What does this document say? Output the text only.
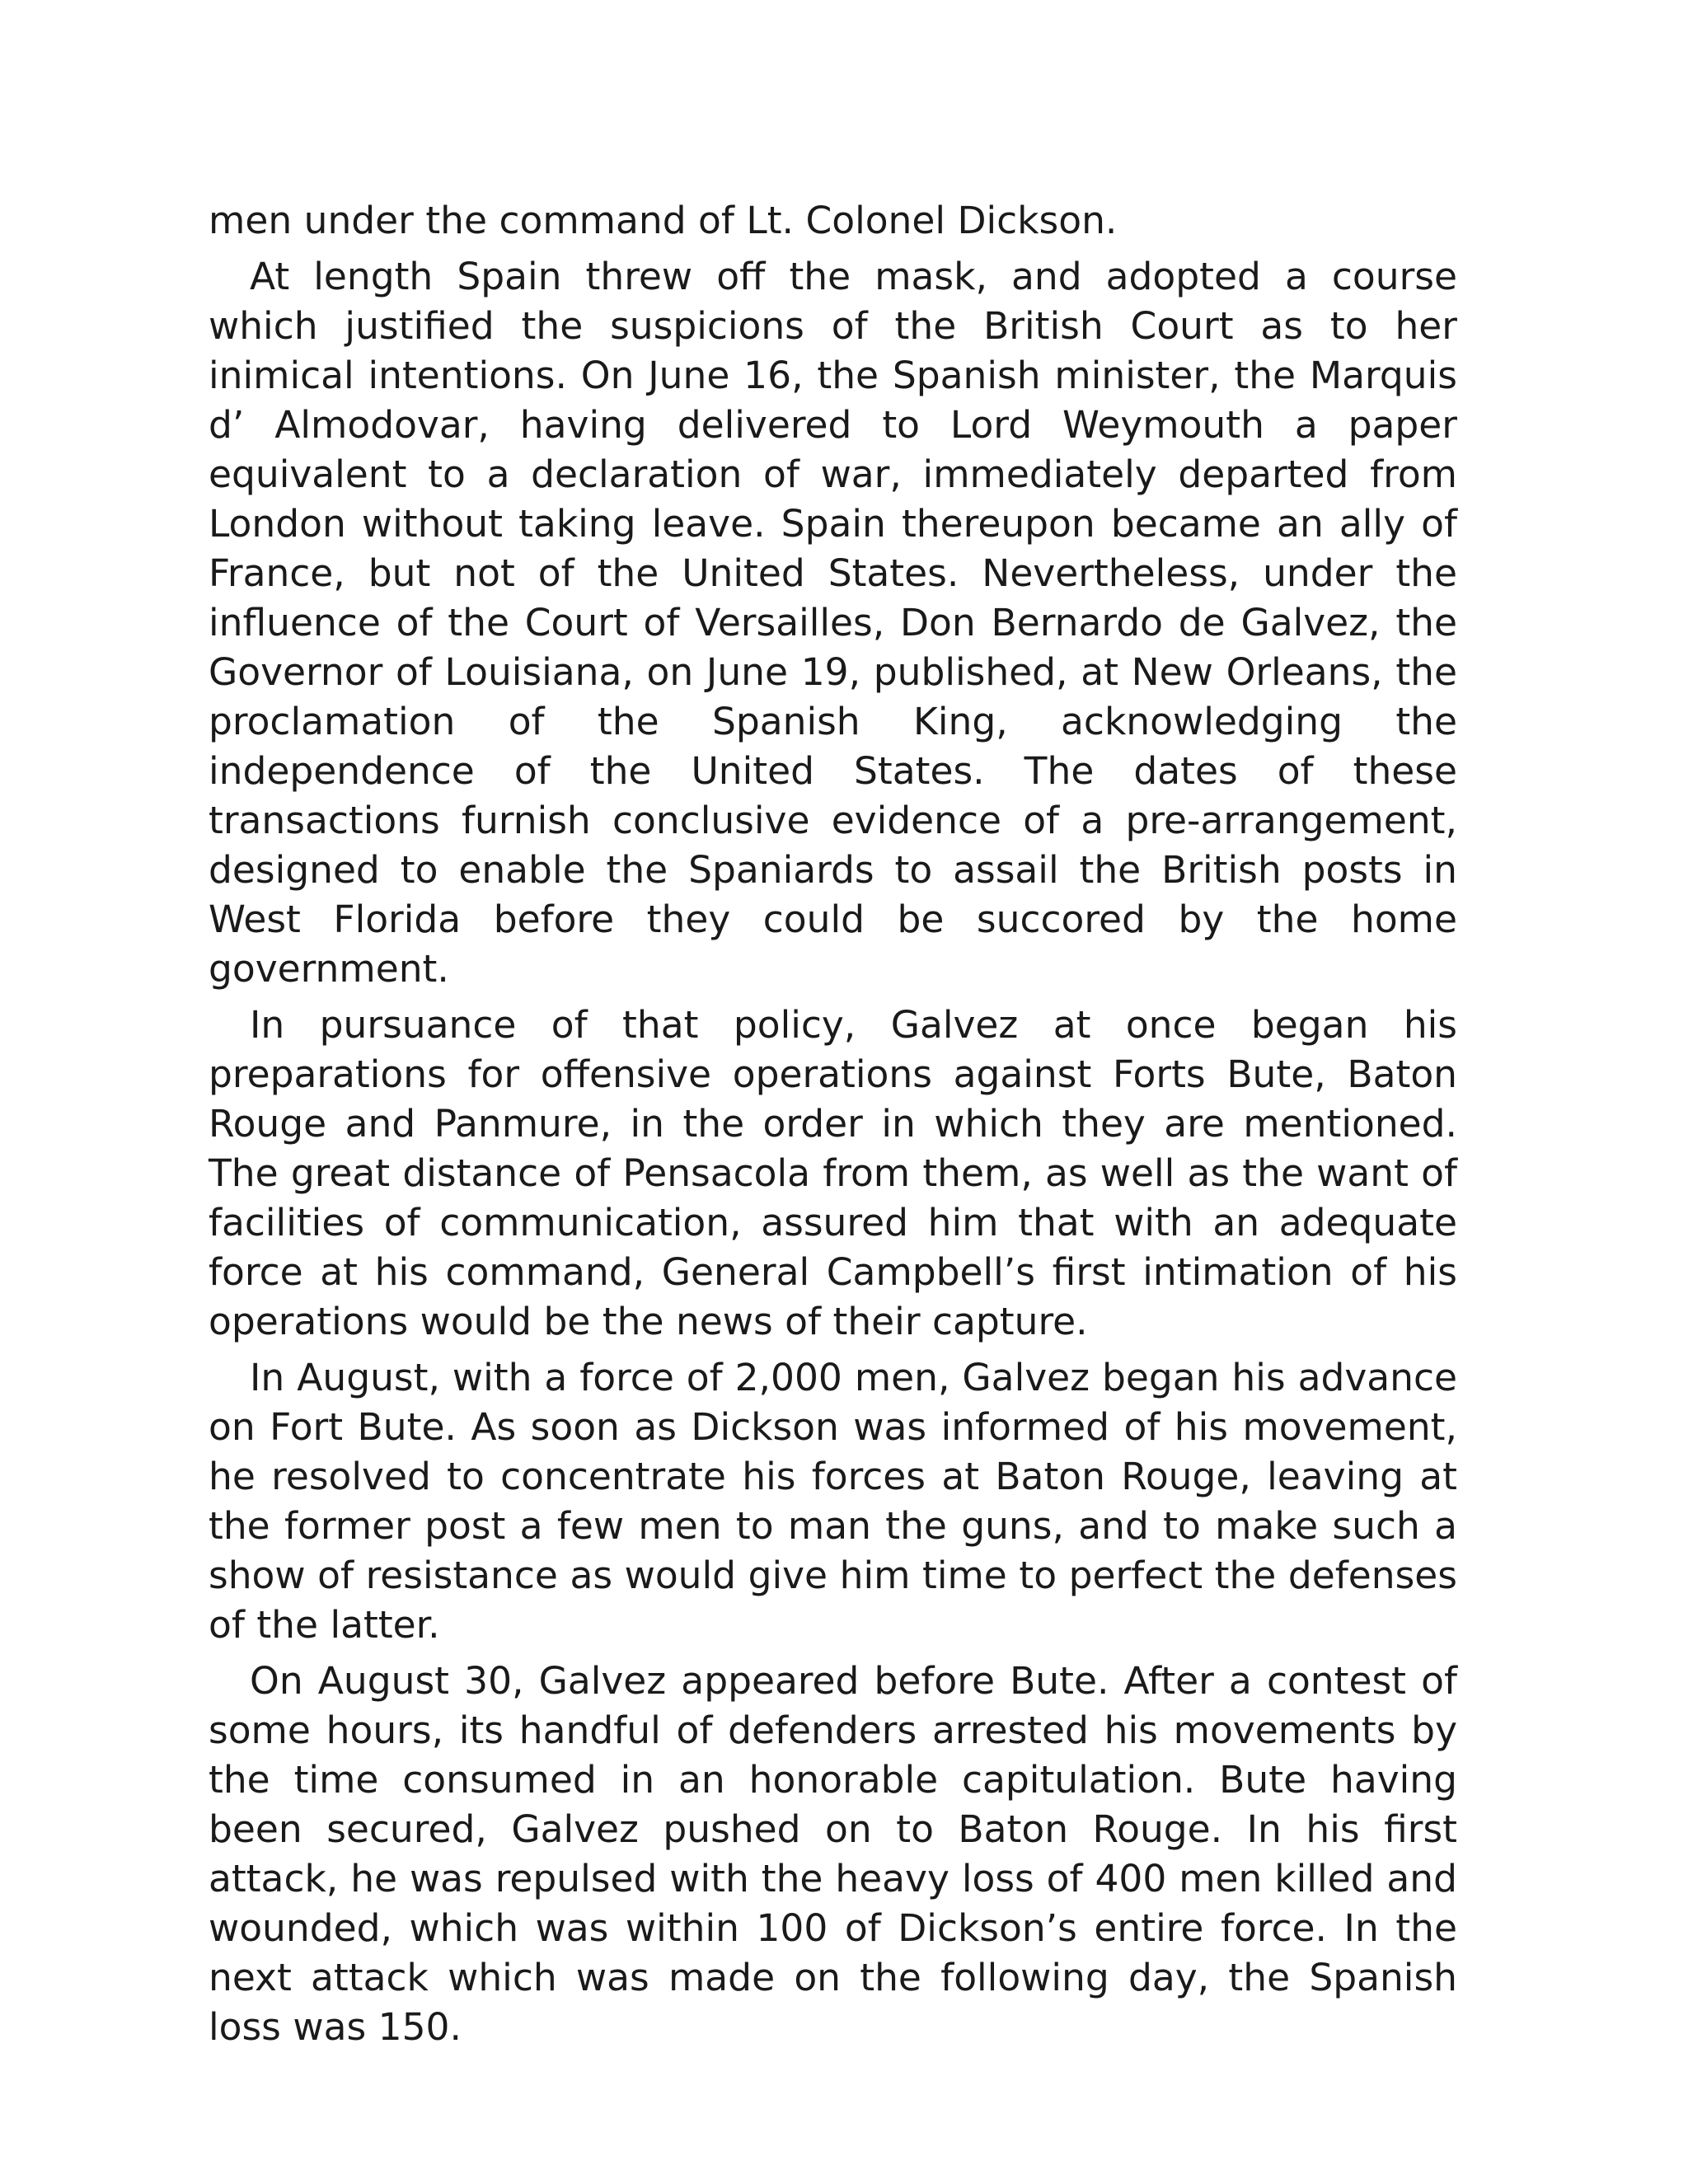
men under the command of Lt. Colonel Dickson.

At length Spain threw off the mask, and adopted a course which justified the suspicions of the British Court as to her inimical intentions. On June 16, the Spanish minister, the Marquis d’ Almodovar, having delivered to Lord Weymouth a paper equivalent to a declaration of war, immediately departed from London without taking leave. Spain thereupon became an ally of France, but not of the United States. Nevertheless, under the influence of the Court of Versailles, Don Bernardo de Galvez, the Governor of Louisiana, on June 19, published, at New Orleans, the proclamation of the Spanish King, acknowledging the independence of the United States. The dates of these transactions furnish conclusive evidence of a pre-arrangement, designed to enable the Spaniards to assail the British posts in West Florida before they could be succored by the home government.

In pursuance of that policy, Galvez at once began his preparations for offensive operations against Forts Bute, Baton Rouge and Panmure, in the order in which they are mentioned. The great distance of Pensacola from them, as well as the want of facilities of communication, assured him that with an adequate force at his command, General Campbell’s first intimation of his operations would be the news of their capture.

In August, with a force of 2,000 men, Galvez began his advance on Fort Bute. As soon as Dickson was informed of his movement, he resolved to concentrate his forces at Baton Rouge, leaving at the former post a few men to man the guns, and to make such a show of resistance as would give him time to perfect the defenses of the latter.

On August 30, Galvez appeared before Bute. After a contest of some hours, its handful of defenders arrested his movements by the time consumed in an honorable capitulation. Bute having been secured, Galvez pushed on to Baton Rouge. In his first attack, he was repulsed with the heavy loss of 400 men killed and wounded, which was within 100 of Dickson’s entire force. In the next attack which was made on the following day, the Spanish loss was 150.
